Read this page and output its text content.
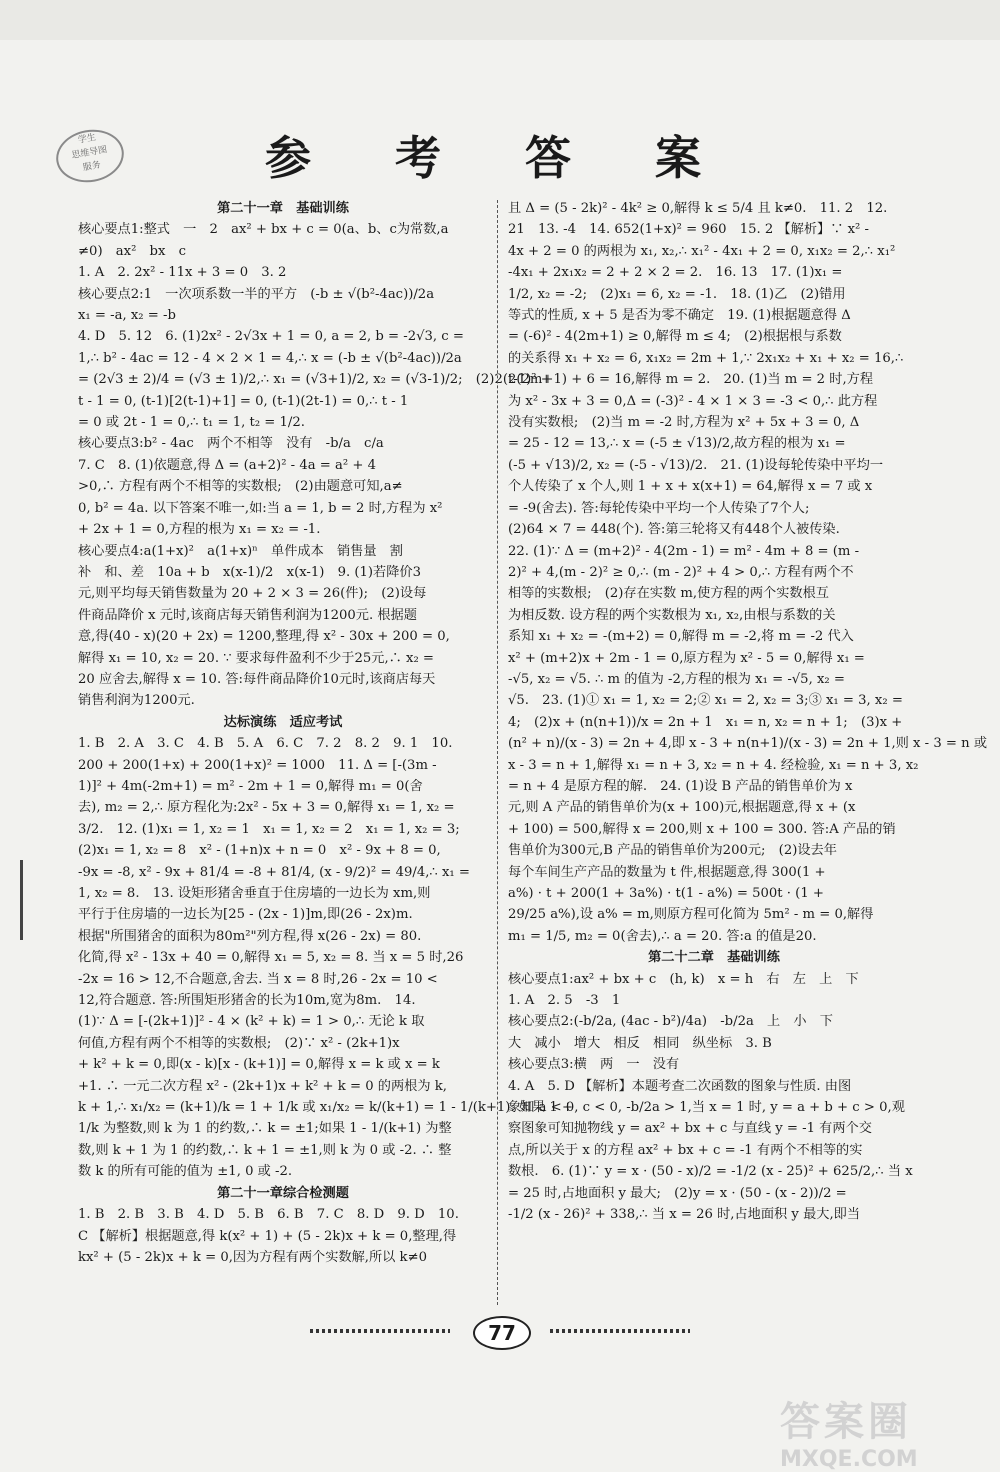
学生
思维导图
服务	参 考 答 案
第二十一章　基础训练
核心要点1:整式　一　2　ax² + bx + c = 0(a、b、c为常数,a
≠0)　ax²　bx　c
1. A　2. 2x² - 11x + 3 = 0　3. 2
核心要点2:1　一次项系数一半的平方　(-b ± √(b²-4ac))/2a
x₁ = -a, x₂ = -b
4. D　5. 12　6. (1)2x² - 2√3x + 1 = 0, a = 2, b = -2√3, c =
1,∴ b² - 4ac = 12 - 4 × 2 × 1 = 4,∴ x = (-b ± √(b²-4ac))/2a
= (2√3 ± 2)/4 = (√3 ± 1)/2,∴ x₁ = (√3+1)/2, x₂ = (√3-1)/2;　(2)2(t-1)² +
t - 1 = 0, (t-1)[2(t-1)+1] = 0, (t-1)(2t-1) = 0,∴ t - 1
= 0 或 2t - 1 = 0,∴ t₁ = 1, t₂ = 1/2.
核心要点3:b² - 4ac　两个不相等　没有　-b/a　c/a
7. C　8. (1)依题意,得 Δ = (a+2)² - 4a = a² + 4
>0,∴ 方程有两个不相等的实数根;　(2)由题意可知,a≠
0, b² = 4a. 以下答案不唯一,如:当 a = 1, b = 2 时,方程为 x²
+ 2x + 1 = 0,方程的根为 x₁ = x₂ = -1.
核心要点4:a(1+x)²　a(1+x)ⁿ　单件成本　销售量　割
补　和、差　10a + b　x(x-1)/2　x(x-1)　9. (1)若降价3
元,则平均每天销售数量为 20 + 2 × 3 = 26(件);　(2)设每
件商品降价 x 元时,该商店每天销售利润为1200元. 根据题
意,得(40 - x)(20 + 2x) = 1200,整理,得 x² - 30x + 200 = 0,
解得 x₁ = 10, x₂ = 20. ∵ 要求每件盈利不少于25元,∴ x₂ =
20 应舍去,解得 x = 10. 答:每件商品降价10元时,该商店每天
销售利润为1200元.
达标演练　适应考试
1. B　2. A　3. C　4. B　5. A　6. C　7. 2　8. 2　9. 1　10.
200 + 200(1+x) + 200(1+x)² = 1000　11. Δ = [-(3m -
1)]² + 4m(-2m+1) = m² - 2m + 1 = 0,解得 m₁ = 0(舍
去), m₂ = 2,∴ 原方程化为:2x² - 5x + 3 = 0,解得 x₁ = 1, x₂ =
3/2.　12. (1)x₁ = 1, x₂ = 1　x₁ = 1, x₂ = 2　x₁ = 1, x₂ = 3;
(2)x₁ = 1, x₂ = 8　x² - (1+n)x + n = 0　x² - 9x + 8 = 0,
-9x = -8, x² - 9x + 81/4 = -8 + 81/4, (x - 9/2)² = 49/4,∴ x₁ =
1, x₂ = 8.　13. 设矩形猪舍垂直于住房墙的一边长为 xm,则
平行于住房墙的一边长为[25 - (2x - 1)]m,即(26 - 2x)m.
根据"所围猪舍的面积为80m²"列方程,得 x(26 - 2x) = 80.
化简,得 x² - 13x + 40 = 0,解得 x₁ = 5, x₂ = 8. 当 x = 5 时,26
-2x = 16 > 12,不合题意,舍去. 当 x = 8 时,26 - 2x = 10 <
12,符合题意. 答:所围矩形猪舍的长为10m,宽为8m.　14.
(1)∵ Δ = [-(2k+1)]² - 4 × (k² + k) = 1 > 0,∴ 无论 k 取
何值,方程有两个不相等的实数根;　(2)∵ x² - (2k+1)x
+ k² + k = 0,即(x - k)[x - (k+1)] = 0,解得 x = k 或 x = k
+1. ∴ 一元二次方程 x² - (2k+1)x + k² + k = 0 的两根为 k,
k + 1,∴ x₁/x₂ = (k+1)/k = 1 + 1/k 或 x₁/x₂ = k/(k+1) = 1 - 1/(k+1). 如果 1 +
1/k 为整数,则 k 为 1 的约数,∴ k = ±1;如果 1 - 1/(k+1) 为整
数,则 k + 1 为 1 的约数,∴ k + 1 = ±1,则 k 为 0 或 -2. ∴ 整
数 k 的所有可能的值为 ±1, 0 或 -2.
第二十一章综合检测题
1. B　2. B　3. B　4. D　5. B　6. B　7. C　8. D　9. D　10.
C 【解析】根据题意,得 k(x² + 1) + (5 - 2k)x + k = 0,整理,得
kx² + (5 - 2k)x + k = 0,因为方程有两个实数解,所以 k≠0
且 Δ = (5 - 2k)² - 4k² ≥ 0,解得 k ≤ 5/4 且 k≠0.　11. 2　12.
21　13. -4　14. 652(1+x)² = 960　15. 2 【解析】∵ x² -
4x + 2 = 0 的两根为 x₁, x₂,∴ x₁² - 4x₁ + 2 = 0, x₁x₂ = 2,∴ x₁²
-4x₁ + 2x₁x₂ = 2 + 2 × 2 = 2.　16. 13　17. (1)x₁ =
1/2, x₂ = -2;　(2)x₁ = 6, x₂ = -1.　18. (1)乙　(2)错用
等式的性质, x + 5 是否为零不确定　19. (1)根据题意得 Δ
= (-6)² - 4(2m+1) ≥ 0,解得 m ≤ 4;　(2)根据根与系数
的关系得 x₁ + x₂ = 6, x₁x₂ = 2m + 1,∵ 2x₁x₂ + x₁ + x₂ = 16,∴
2(2m+1) + 6 = 16,解得 m = 2.　20. (1)当 m = 2 时,方程
为 x² - 3x + 3 = 0,Δ = (-3)² - 4 × 1 × 3 = -3 < 0,∴ 此方程
没有实数根;　(2)当 m = -2 时,方程为 x² + 5x + 3 = 0, Δ
= 25 - 12 = 13,∴ x = (-5 ± √13)/2,故方程的根为 x₁ =
(-5 + √13)/2, x₂ = (-5 - √13)/2.　21. (1)设每轮传染中平均一
个人传染了 x 个人,则 1 + x + x(x+1) = 64,解得 x = 7 或 x
= -9(舍去). 答:每轮传染中平均一个人传染了7个人;
(2)64 × 7 = 448(个). 答:第三轮将又有448个人被传染.
22. (1)∵ Δ = (m+2)² - 4(2m - 1) = m² - 4m + 8 = (m -
2)² + 4,(m - 2)² ≥ 0,∴ (m - 2)² + 4 > 0,∴ 方程有两个不
相等的实数根;　(2)存在实数 m,使方程的两个实数根互
为相反数. 设方程的两个实数根为 x₁, x₂,由根与系数的关
系知 x₁ + x₂ = -(m+2) = 0,解得 m = -2,将 m = -2 代入
x² + (m+2)x + 2m - 1 = 0,原方程为 x² - 5 = 0,解得 x₁ =
-√5, x₂ = √5. ∴ m 的值为 -2,方程的根为 x₁ = -√5, x₂ =
√5.　23. (1)① x₁ = 1, x₂ = 2;② x₁ = 2, x₂ = 3;③ x₁ = 3, x₂ =
4;　(2)x + (n(n+1))/x = 2n + 1　x₁ = n, x₂ = n + 1;　(3)x +
(n² + n)/(x - 3) = 2n + 4,即 x - 3 + n(n+1)/(x - 3) = 2n + 1,则 x - 3 = n 或
x - 3 = n + 1,解得 x₁ = n + 3, x₂ = n + 4. 经检验, x₁ = n + 3, x₂
= n + 4 是原方程的解.　24. (1)设 B 产品的销售单价为 x
元,则 A 产品的销售单价为(x + 100)元,根据题意,得 x + (x
+ 100) = 500,解得 x = 200,则 x + 100 = 300. 答:A 产品的销
售单价为300元,B 产品的销售单价为200元;　(2)设去年
每个车间生产产品的数量为 t 件,根据题意,得 300(1 +
a%) · t + 200(1 + 3a%) · t(1 - a%) = 500t · (1 +
29/25 a%),设 a% = m,则原方程可化简为 5m² - m = 0,解得
m₁ = 1/5, m₂ = 0(舍去),∴ a = 20. 答:a 的值是20.
第二十二章　基础训练
核心要点1:ax² + bx + c　(h, k)　x = h　右　左　上　下
1. A　2. 5　-3　1
核心要点2:(-b/2a, (4ac - b²)/4a)　-b/2a　上　小　下
大　减小　增大　相反　相同　纵坐标　3. B
核心要点3:横　两　一　没有
4. A　5. D 【解析】本题考查二次函数的图象与性质. 由图
象知 a < 0, c < 0, -b/2a > 1,当 x = 1 时, y = a + b + c > 0,观
察图象可知抛物线 y = ax² + bx + c 与直线 y = -1 有两个交
点,所以关于 x 的方程 ax² + bx + c = -1 有两个不相等的实
数根.　6. (1)∵ y = x · (50 - x)/2 = -1/2 (x - 25)² + 625/2,∴ 当 x
= 25 时,占地面积 y 最大;　(2)y = x · (50 - (x - 2))/2 =
-1/2 (x - 26)² + 338,∴ 当 x = 26 时,占地面积 y 最大,即当
77
答案圈
MXQE.COM
